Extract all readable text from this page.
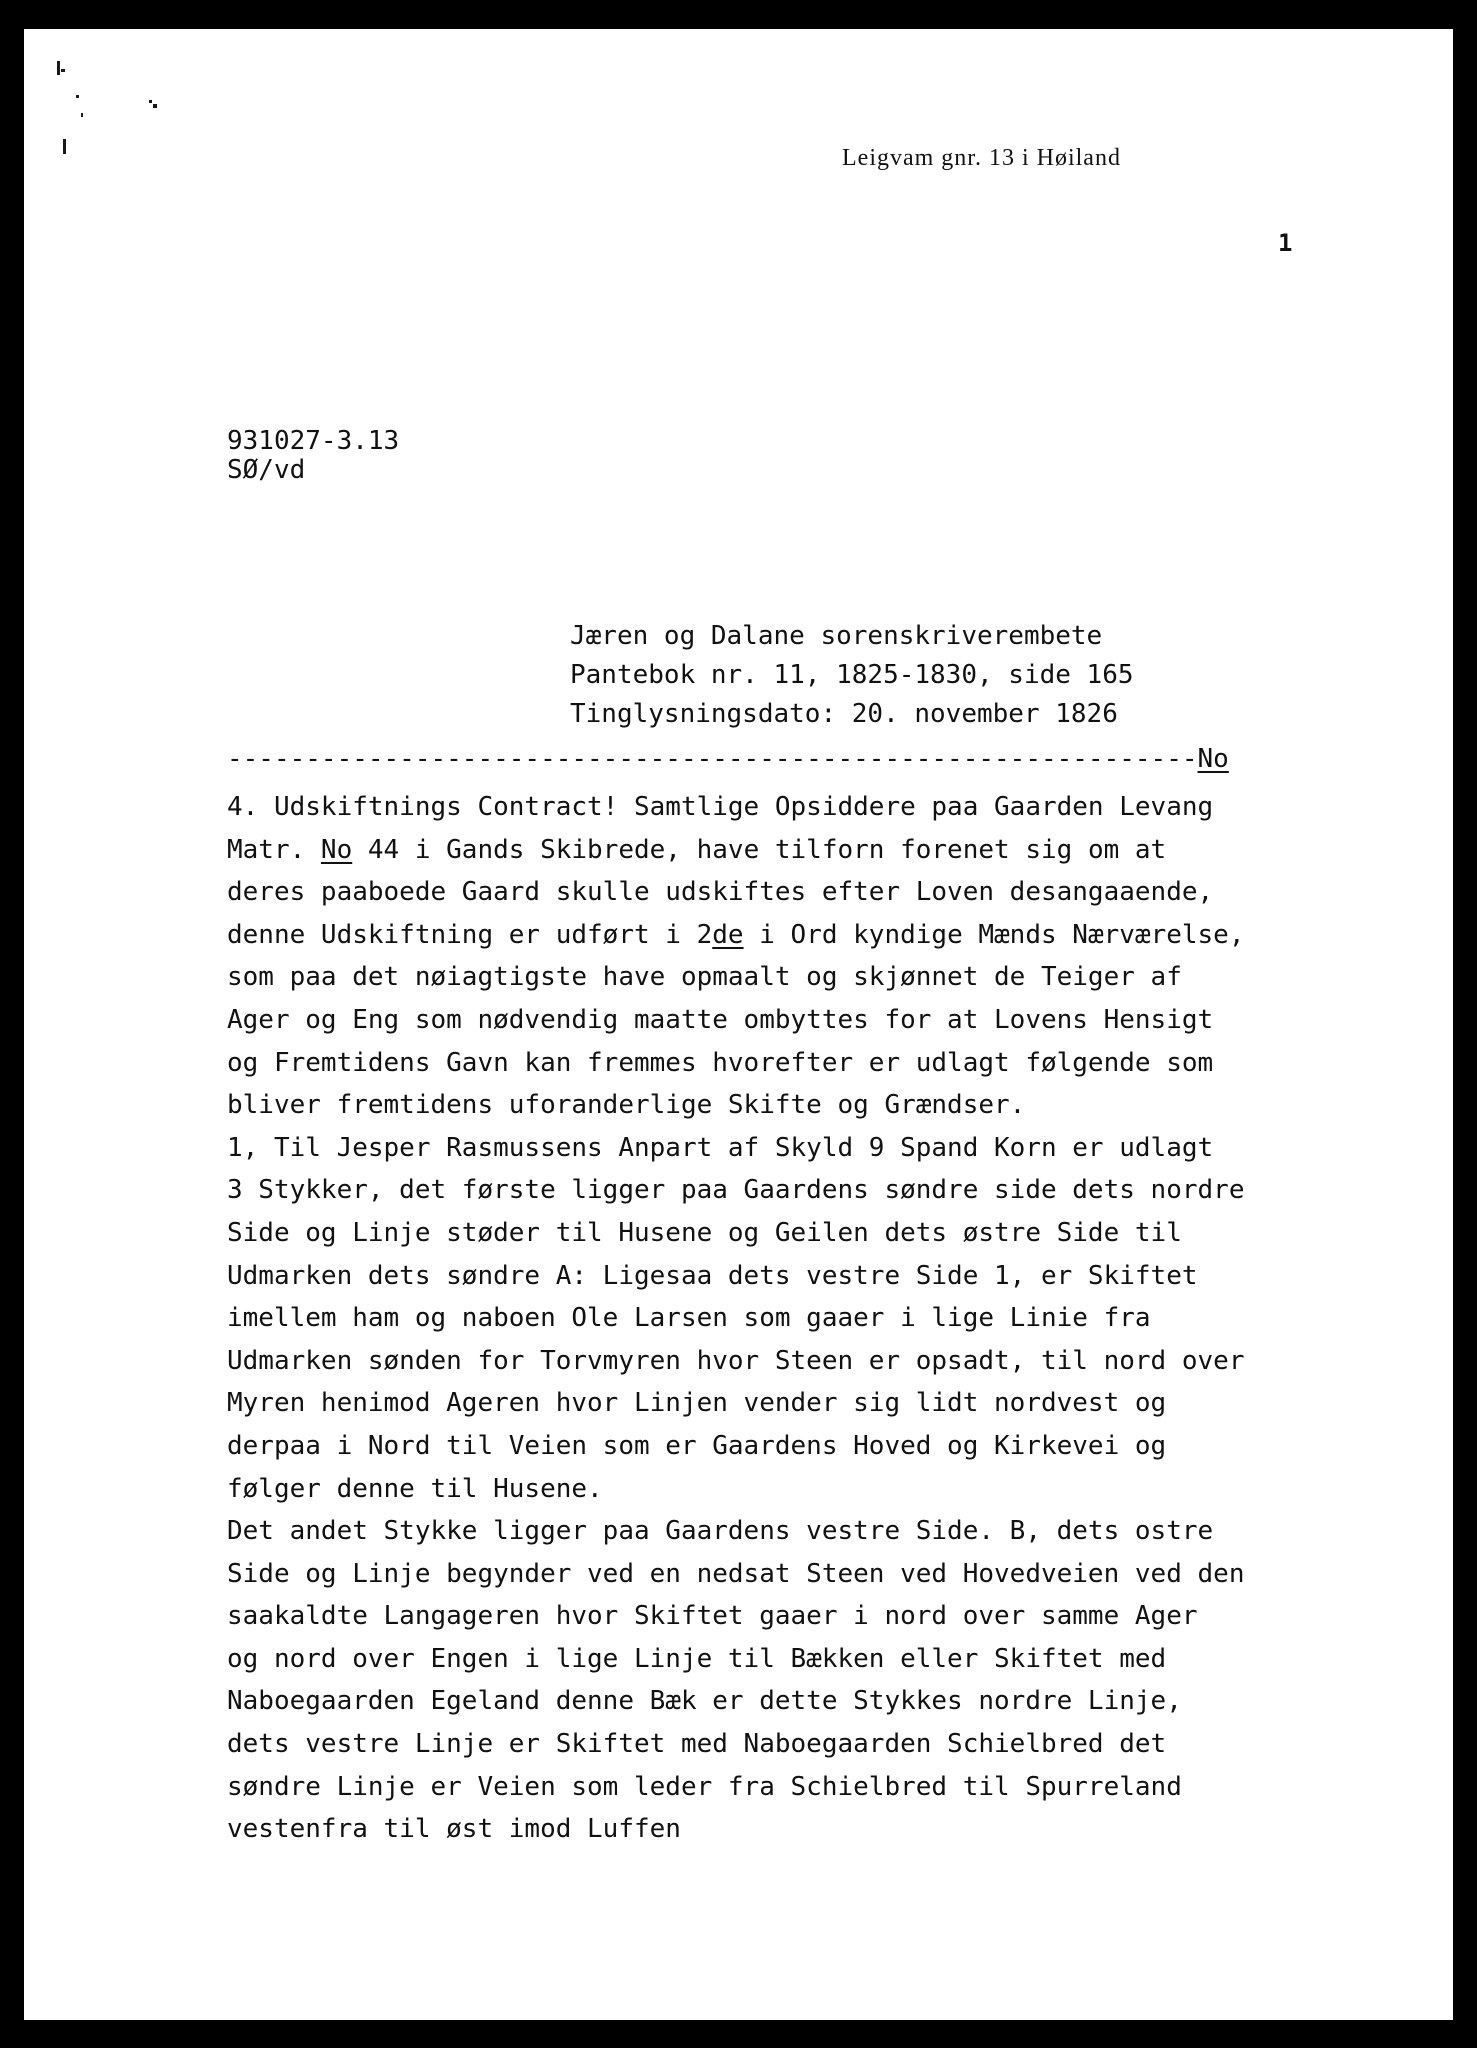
Leigvam gnr. 13 i Høiland
1
931027-3.13
SØ/vd
Jæren og Dalane sorenskriverembete
Pantebok nr. 11, 1825-1830, side 165
Tinglysningsdato: 20. november 1826
--------------------------------------------------------------No
4. Udskiftnings Contract! Samtlige Opsiddere paa Gaarden Levang
Matr. No 44 i Gands Skibrede, have tilforn forenet sig om at
deres paaboede Gaard skulle udskiftes efter Loven desangaaende,
denne Udskiftning er udført i 2de i Ord kyndige Mænds Nærværelse,
som paa det nøiagtigste have opmaalt og skjønnet de Teiger af
Ager og Eng som nødvendig maatte ombyttes for at Lovens Hensigt
og Fremtidens Gavn kan fremmes hvorefter er udlagt følgende som
bliver fremtidens uforanderlige Skifte og Grændser.
1, Til Jesper Rasmussens Anpart af Skyld 9 Spand Korn er udlagt
3 Stykker, det første ligger paa Gaardens søndre side dets nordre
Side og Linje støder til Husene og Geilen dets østre Side til
Udmarken dets søndre A: Ligesaa dets vestre Side 1, er Skiftet
imellem ham og naboen Ole Larsen som gaaer i lige Linie fra
Udmarken sønden for Torvmyren hvor Steen er opsadt, til nord over
Myren henimod Ageren hvor Linjen vender sig lidt nordvest og
derpaa i Nord til Veien som er Gaardens Hoved og Kirkevei og
følger denne til Husene.
Det andet Stykke ligger paa Gaardens vestre Side. B, dets ostre
Side og Linje begynder ved en nedsat Steen ved Hovedveien ved den
saakaldte Langageren hvor Skiftet gaaer i nord over samme Ager
og nord over Engen i lige Linje til Bækken eller Skiftet med
Naboegaarden Egeland denne Bæk er dette Stykkes nordre Linje,
dets vestre Linje er Skiftet med Naboegaarden Schielbred det
søndre Linje er Veien som leder fra Schielbred til Spurreland
vestenfra til øst imod Luffen
